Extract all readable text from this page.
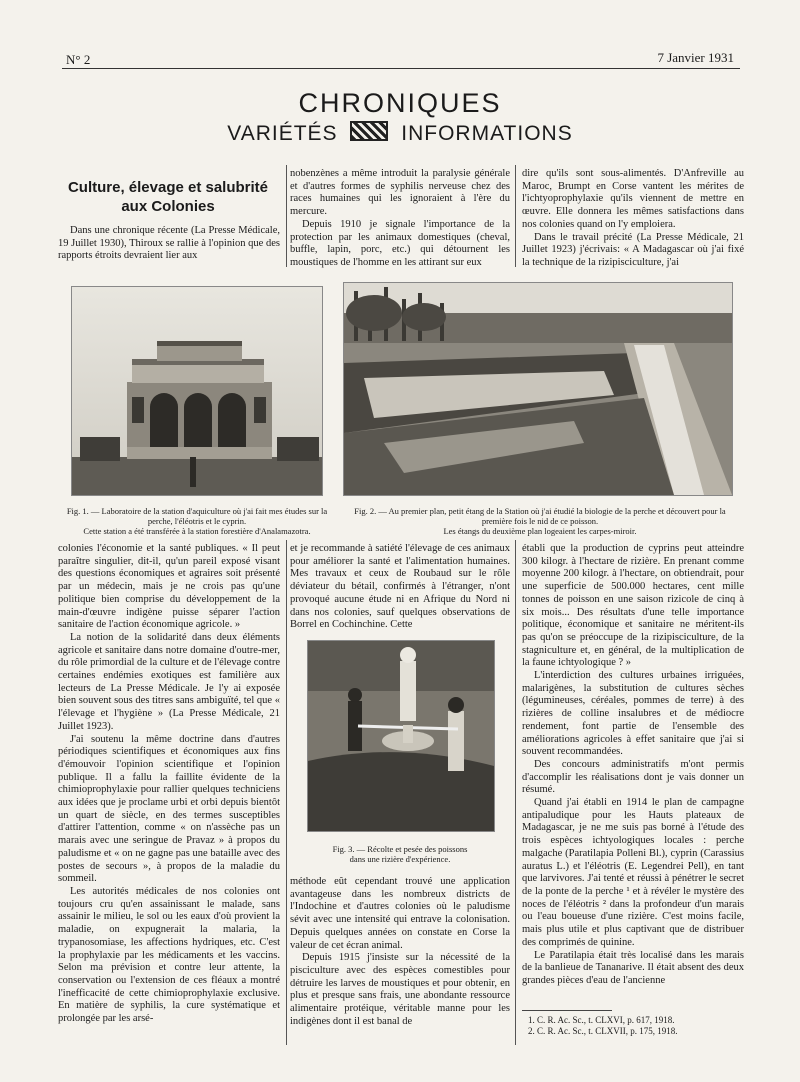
N° 2	7 Janvier 1931
CHRONIQUES
VARIÉTÉS	INFORMATIONS
Culture, élevage et salubrité
aux Colonies

Dans une chronique récente (La Presse Médicale, 19 Juillet 1930), Thiroux se rallie à l'opinion que des rapports étroits devraient lier aux

nobenzènes a même introduit la paralysie générale et d'autres formes de syphilis nerveuse chez des races humaines qui les ignoraient à l'ère du mercure.

Depuis 1910 je signale l'importance de la protection par les animaux domestiques (cheval, buffle, lapin, porc, etc.) qui détournent les moustiques de l'homme en les attirant sur eux

dire qu'ils sont sous-alimentés. D'Anfreville au Maroc, Brumpt en Corse vantent les mérites de l'ichtyoprophylaxie qu'ils viennent de mettre en œuvre. Elle donnera les mêmes satisfactions dans nos colonies quand on l'y emploiera.

Dans le travail précité (La Presse Médicale, 21 Juillet 1923) j'écrivais: « A Madagascar où j'ai fixé la technique de la rizipisciculture, j'ai

Fig. 1. — Laboratoire de la station d'aquiculture où j'ai fait mes études sur la perche, l'éléotris et le cyprin.
Cette station a été transférée à la station forestière d'Analamazotra.
Fig. 2. — Au premier plan, petit étang de la Station où j'ai étudié la biologie de la perche et découvert pour la première fois le nid de ce poisson.
Les étangs du deuxième plan logeaient les carpes-miroir.

colonies l'économie et la santé publiques. « Il peut paraître singulier, dit-il, qu'un pareil exposé visant des questions économiques et agraires soit présenté par un médecin, mais je ne crois pas qu'une politique bien comprise du développement de la main-d'œuvre indigène puisse séparer l'action sanitaire de l'action économique agricole. »

La notion de la solidarité dans deux éléments agricole et sanitaire dans notre domaine d'outre-mer, du rôle primordial de la culture et de l'élevage contre certaines endémies exotiques est familière aux lecteurs de La Presse Médicale. Je l'y ai exposée bien souvent sous des titres sans ambiguïté, tel que « l'élevage et l'hygiène » (La Presse Médicale, 21 Juillet 1923).

J'ai soutenu la même doctrine dans d'autres périodiques scientifiques et économiques aux fins d'émouvoir l'opinion scientifique et l'opinion publique. Il a fallu la faillite évidente de la chimioprophylaxie pour rallier quelques techniciens aux idées que je proclame urbi et orbi depuis bientôt un quart de siècle, en des termes susceptibles d'attirer l'attention, comme « on n'assèche pas un marais avec une seringue de Pravaz » à propos du paludisme et « on ne gagne pas une bataille avec des postes de secours », à propos de la maladie du sommeil.

Les autorités médicales de nos colonies ont toujours cru qu'en assainissant le malade, sans assainir le milieu, le sol ou les eaux d'où provient la maladie, on expugnerait la malaria, la trypanosomiase, les affections hydriques, etc. C'est la prophylaxie par les médicaments et les vaccins. Selon ma prévision et contre leur attente, la conservation ou l'extension de ces fléaux a montré l'inefficacité de cette chimioprophylaxie exclusive. En matière de syphilis, la cure systématique et prolongée par les arsé-

et je recommande à satiété l'élevage de ces animaux pour améliorer la santé et l'alimentation humaines. Mes travaux et ceux de Roubaud sur le rôle déviateur du bétail, confirmés à l'étranger, n'ont provoqué aucune étude ni en Afrique du Nord ni dans nos colonies, sauf quelques observations de Borrel en Cochinchine. Cette

Fig. 3. — Récolte et pesée des poissons
dans une rizière d'expérience.

méthode eût cependant trouvé une application avantageuse dans les nombreux districts de l'Indochine et d'autres colonies où le paludisme sévit avec une intensité qui entrave la colonisation. Depuis quelques années on constate en Corse la valeur de cet écran animal.

Depuis 1915 j'insiste sur la nécessité de la pisciculture avec des espèces comestibles pour détruire les larves de moustiques et pour obtenir, en plus et presque sans frais, une abondante ressource alimentaire protéique, véritable manne pour les indigènes dont il est banal de

établi que la production de cyprins peut atteindre 300 kilogr. à l'hectare de rizière. En prenant comme moyenne 200 kilogr. à l'hectare, on obtiendrait, pour une superficie de 500.000 hectares, cent mille tonnes de poisson en une saison rizicole de cinq à six mois... Des résultats d'une telle importance politique, économique et sanitaire ne méritent-ils pas qu'on se préoccupe de la rizipisciculture, de la stagniculture et, en général, de la multiplication de la faune ichtyologique ? »

L'interdiction des cultures urbaines irriguées, malarigènes, la substitution de cultures sèches (légumineuses, céréales, pommes de terre) à des rizières de colline insalubres et de médiocre rendement, font partie de l'ensemble des améliorations agricoles à effet sanitaire que j'ai si souvent recommandées.

Des concours administratifs m'ont permis d'accomplir les réalisations dont je vais donner un résumé.

Quand j'ai établi en 1914 le plan de campagne antipaludique pour les Hauts plateaux de Madagascar, je ne me suis pas borné à l'étude des trois espèces ichtyologiques locales : perche malgache (Paratilapia Polleni Bl.), cyprin (Carassius auratus L.) et l'éléotris (E. Legendrei Pell), en tant que larvivores. J'ai tenté et réussi à pénétrer le secret de la ponte de la perche ¹ et à révéler le mystère des noces de l'éléotris ² dans la profondeur d'un marais ou l'eau boueuse d'une rizière. C'est moins facile, mais plus utile et plus captivant que de distribuer des comprimés de quinine.

Le Paratilapia était très localisé dans les marais de la banlieue de Tananarive. Il était absent des deux grandes pièces d'eau de l'ancienne

1. C. R. Ac. Sc., t. CLXVI, p. 617, 1918.
2. C. R. Ac. Sc., t. CLXVII, p. 175, 1918.
